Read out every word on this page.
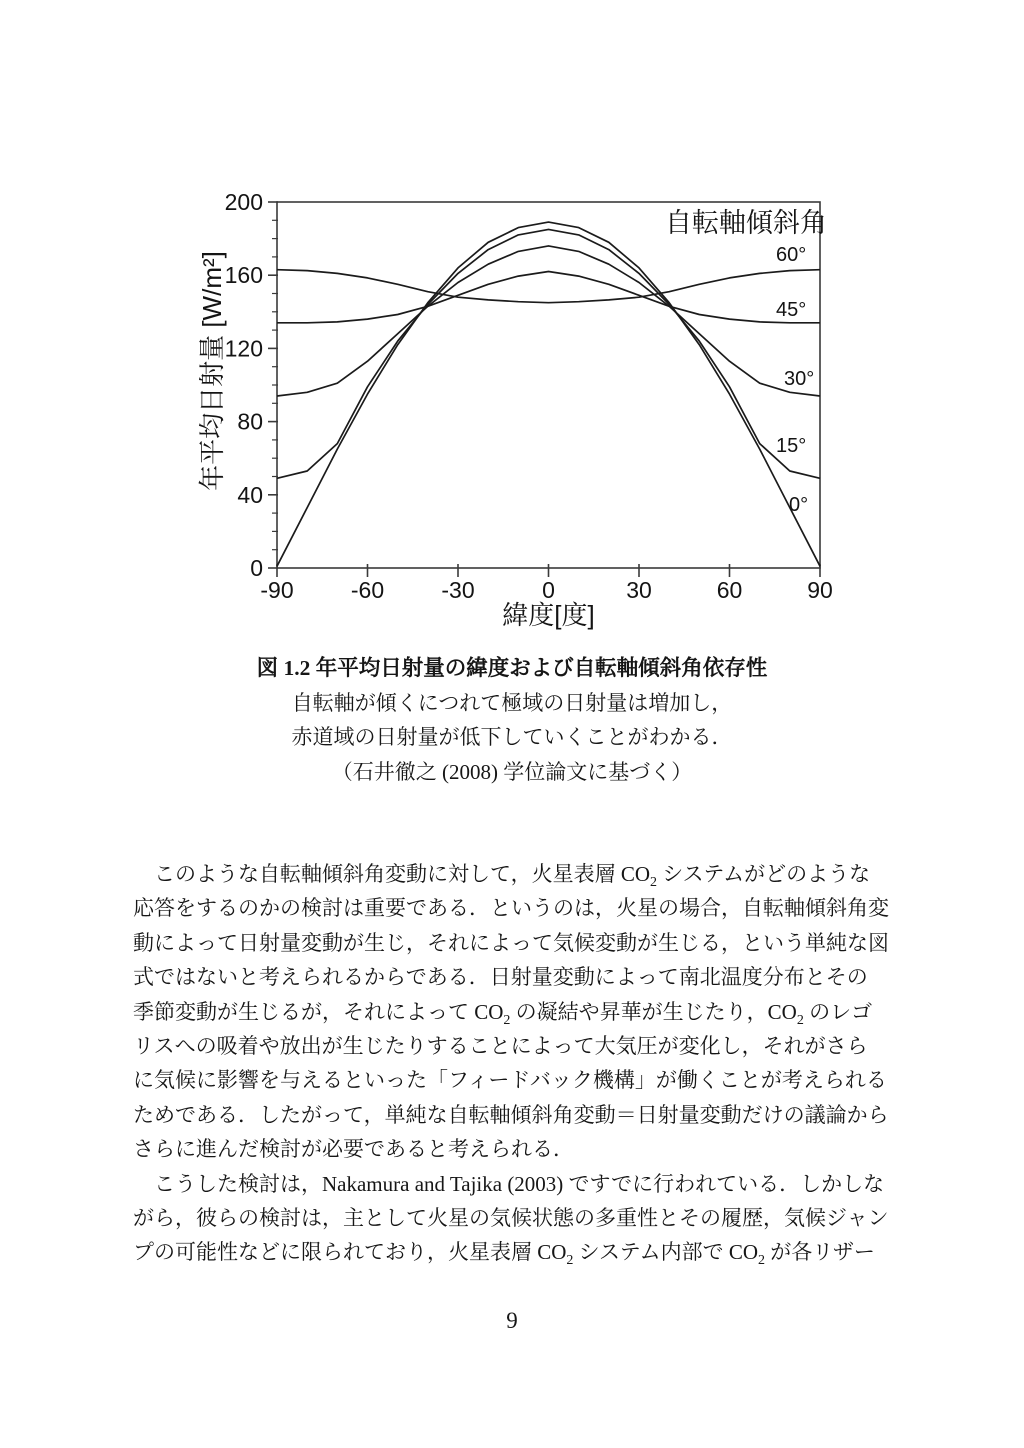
0
40
80
120
160
200
-90 -60 -30	0	30	60	90
緯度[度]
年平均日射量 [W/m²]
自転軸傾斜角
60°
45°
30°
15°
0°
図 1.2 年平均日射量の緯度および自転軸傾斜角依存性
自転軸が傾くにつれて極域の日射量は増加し，
赤道域の日射量が低下していくことがわかる．
（石井徹之 (2008) 学位論文に基づく）
このような自転軸傾斜角変動に対して，火星表層 $CO_2$ システムがどのような
応答をするのかの検討は重要である．というのは，火星の場合，自転軸傾斜角変
動によって日射量変動が生じ，それによって気候変動が生じる，という単純な図
式ではないと考えられるからである．日射量変動によって南北温度分布とその
季節変動が生じるが，それによって $CO_2$ の凝結や昇華が生じたり，$CO_2$ のレゴ
リスへの吸着や放出が生じたりすることによって大気圧が変化し，それがさら
に気候に影響を与えるといった「フィードバック機構」が働くことが考えられる
ためである．したがって，単純な自転軸傾斜角変動＝日射量変動だけの議論から
さらに進んだ検討が必要であると考えられる．
こうした検討は，Nakamura and Tajika (2003) ですでに行われている．しかしな
がら，彼らの検討は，主として火星の気候状態の多重性とその履歴，気候ジャン
プの可能性などに限られており，火星表層 $CO_2$ システム内部で $CO_2$ が各リザー
9
